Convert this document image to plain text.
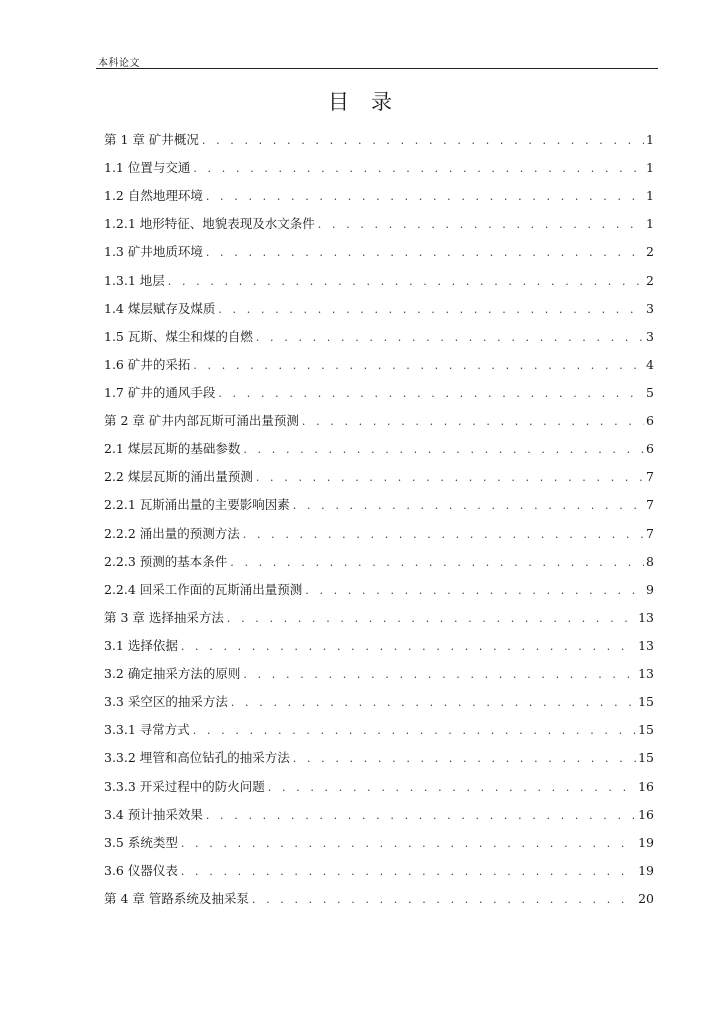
本科论文
目录
第 1 章 矿井概况 . . .	1
1.1 位置与交通 . . .	1
1.2 自然地理环境 . . .	1
1.2.1 地形特征、地貌表现及水文条件 . . .	1
1.3 矿井地质环境 . . .	2
1.3.1 地层 . . .	2
1.4 煤层赋存及煤质 . . .	3
1.5 瓦斯、煤尘和煤的自燃 . . .	3
1.6 矿井的采拓 . . .	4
1.7 矿井的通风手段 . . .	5
第 2 章 矿井内部瓦斯可涌出量预测 . . .	6
2.1 煤层瓦斯的基础参数 . . .	6
2.2 煤层瓦斯的涌出量预测 . . .	7
2.2.1 瓦斯涌出量的主要影响因素 . . .	7
2.2.2 涌出量的预测方法 . . .	7
2.2.3 预测的基本条件 . . .	8
2.2.4 回采工作面的瓦斯涌出量预测 . . .	9
第 3 章 选择抽采方法 . . .	13
3.1 选择依据 . . .	13
3.2 确定抽采方法的原则 . . .	13
3.3 采空区的抽采方法 . . .	15
3.3.1 寻常方式 . . .	15
3.3.2 埋管和高位钻孔的抽采方法 . . .	15
3.3.3 开采过程中的防火问题 . . .	16
3.4 预计抽采效果 . . .	16
3.5 系统类型 . . .	19
3.6 仪器仪表 . . .	19
第 4 章 管路系统及抽采泵 . . .	20
